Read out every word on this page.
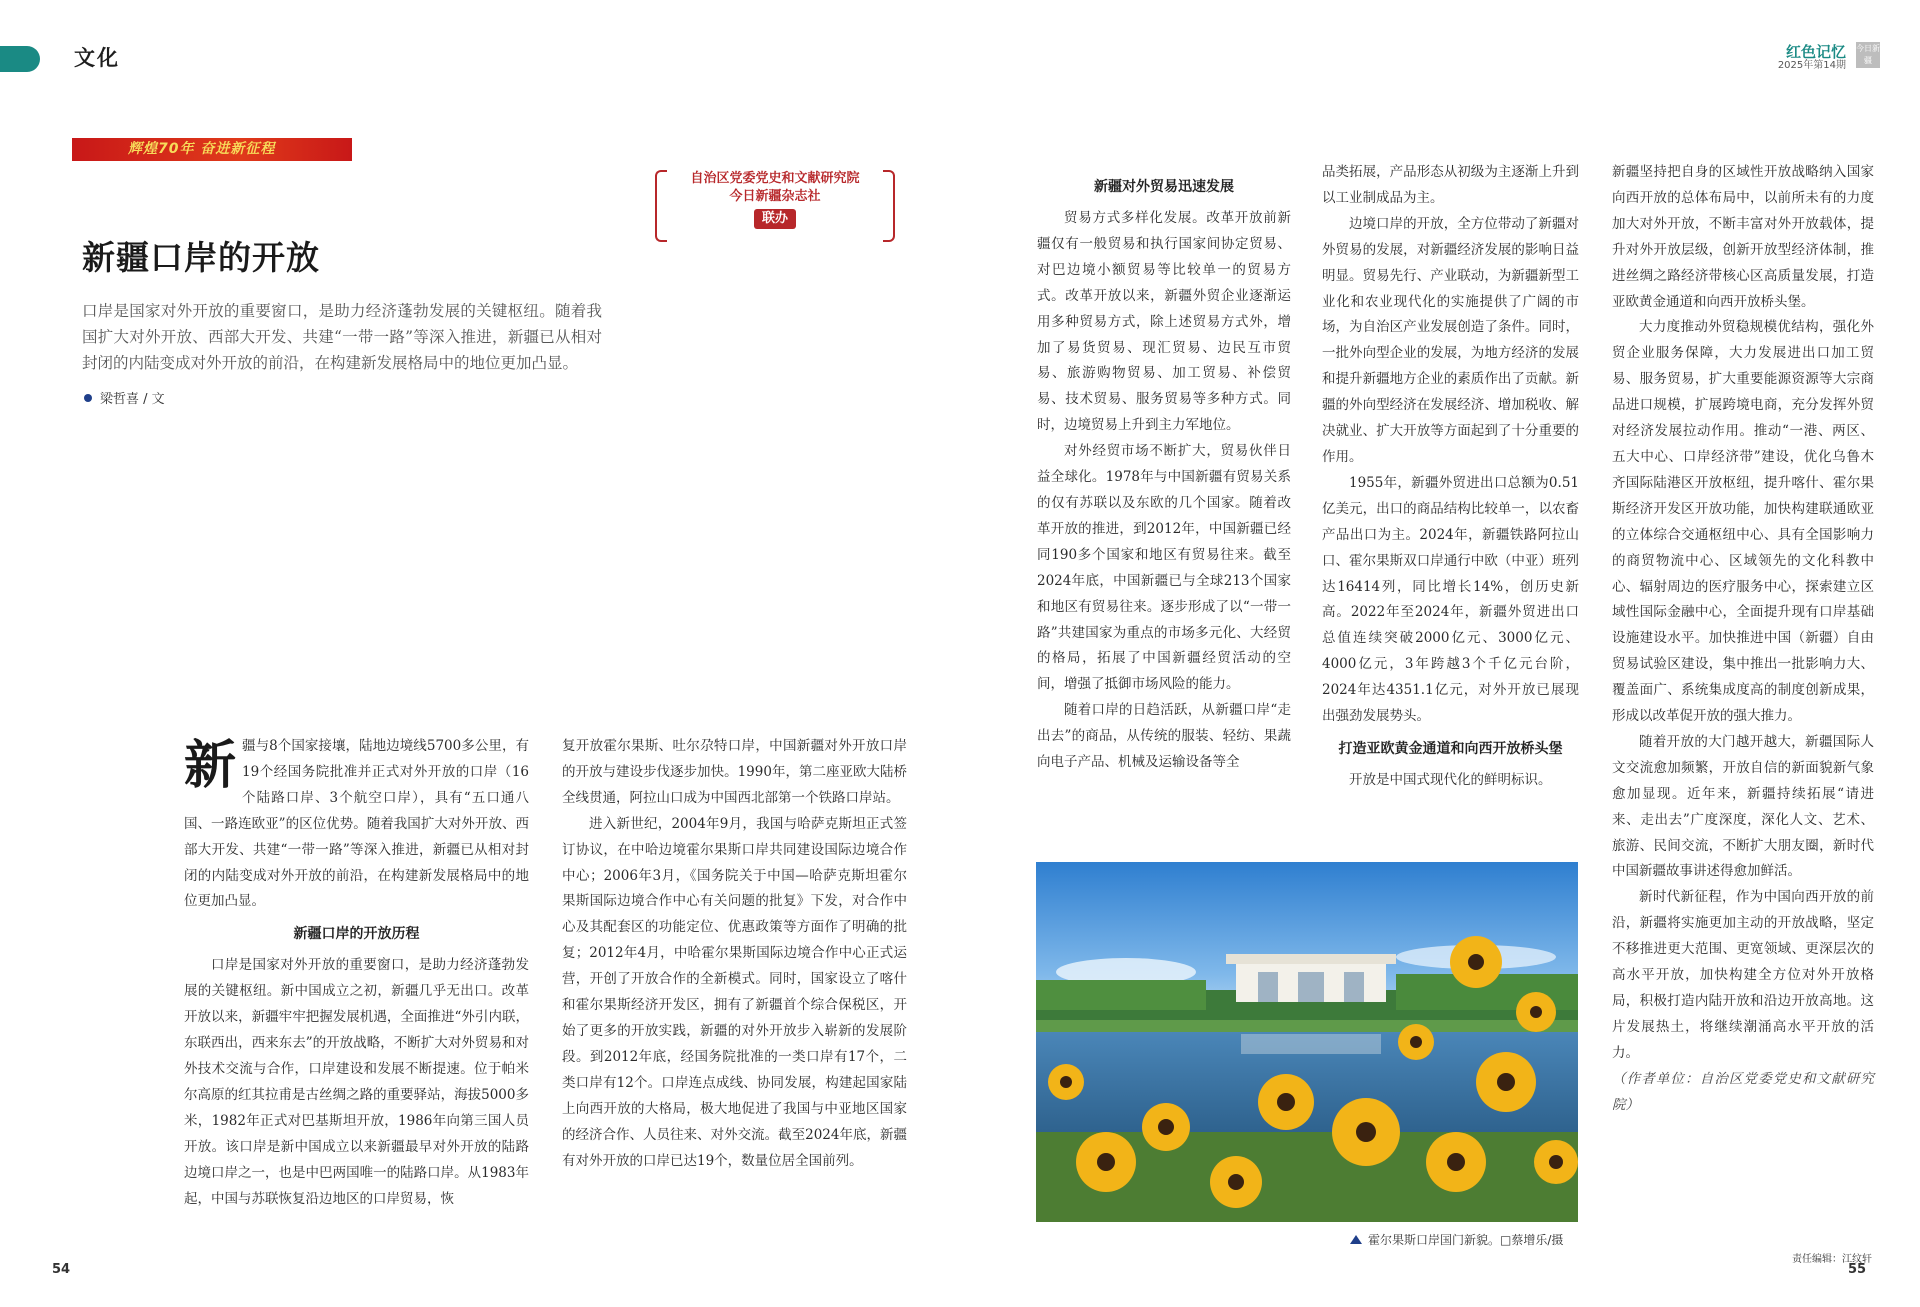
文化	红色记忆
2025年第14期
今日新疆
辉煌70年 奋进新征程
自治区党委党史和文献研究院
今日新疆杂志社
联办
新疆口岸的开放
口岸是国家对外开放的重要窗口，是助力经济蓬勃发展的关键枢纽。随着我国扩大对外开放、西部大开发、共建“一带一路”等深入推进，新疆已从相对封闭的内陆变成对外开放的前沿，在构建新发展格局中的地位更加凸显。
梁哲喜 / 文

新疆与8个国家接壤，陆地边境线5700多公里，有19个经国务院批准并正式对外开放的口岸（16个陆路口岸、3个航空口岸），具有“五口通八国、一路连欧亚”的区位优势。随着我国扩大对外开放、西部大开发、共建“一带一路”等深入推进，新疆已从相对封闭的内陆变成对外开放的前沿，在构建新发展格局中的地位更加凸显。

新疆口岸的开放历程

口岸是国家对外开放的重要窗口，是助力经济蓬勃发展的关键枢纽。新中国成立之初，新疆几乎无出口。改革开放以来，新疆牢牢把握发展机遇，全面推进“外引内联，东联西出，西来东去”的开放战略，不断扩大对外贸易和对外技术交流与合作，口岸建设和发展不断提速。位于帕米尔高原的红其拉甫是古丝绸之路的重要驿站，海拔5000多米，1982年正式对巴基斯坦开放，1986年向第三国人员开放。该口岸是新中国成立以来新疆最早对外开放的陆路边境口岸之一，也是中巴两国唯一的陆路口岸。从1983年起，中国与苏联恢复沿边地区的口岸贸易，恢

复开放霍尔果斯、吐尔尕特口岸，中国新疆对外开放口岸的开放与建设步伐逐步加快。1990年，第二座亚欧大陆桥全线贯通，阿拉山口成为中国西北部第一个铁路口岸站。

进入新世纪，2004年9月，我国与哈萨克斯坦正式签订协议，在中哈边境霍尔果斯口岸共同建设国际边境合作中心；2006年3月，《国务院关于中国—哈萨克斯坦霍尔果斯国际边境合作中心有关问题的批复》下发，对合作中心及其配套区的功能定位、优惠政策等方面作了明确的批复；2012年4月，中哈霍尔果斯国际边境合作中心正式运营，开创了开放合作的全新模式。同时，国家设立了喀什和霍尔果斯经济开发区，拥有了新疆首个综合保税区，开始了更多的开放实践，新疆的对外开放步入崭新的发展阶段。到2012年底，经国务院批准的一类口岸有17个，二类口岸有12个。口岸连点成线、协同发展，构建起国家陆上向西开放的大格局，极大地促进了我国与中亚地区国家的经济合作、人员往来、对外交流。截至2024年底，新疆有对外开放的口岸已达19个，数量位居全国前列。

新疆对外贸易迅速发展

贸易方式多样化发展。改革开放前新疆仅有一般贸易和执行国家间协定贸易、对巴边境小额贸易等比较单一的贸易方式。改革开放以来，新疆外贸企业逐渐运用多种贸易方式，除上述贸易方式外，增加了易货贸易、现汇贸易、边民互市贸易、旅游购物贸易、加工贸易、补偿贸易、技术贸易、服务贸易等多种方式。同时，边境贸易上升到主力军地位。

对外经贸市场不断扩大，贸易伙伴日益全球化。1978年与中国新疆有贸易关系的仅有苏联以及东欧的几个国家。随着改革开放的推进，到2012年，中国新疆已经同190多个国家和地区有贸易往来。截至2024年底，中国新疆已与全球213个国家和地区有贸易往来。逐步形成了以“一带一路”共建国家为重点的市场多元化、大经贸的格局，拓展了中国新疆经贸活动的空间，增强了抵御市场风险的能力。

随着口岸的日趋活跃，从新疆口岸“走出去”的商品，从传统的服装、轻纺、果蔬向电子产品、机械及运输设备等全

品类拓展，产品形态从初级为主逐渐上升到以工业制成品为主。

边境口岸的开放，全方位带动了新疆对外贸易的发展，对新疆经济发展的影响日益明显。贸易先行、产业联动，为新疆新型工业化和农业现代化的实施提供了广阔的市场，为自治区产业发展创造了条件。同时，一批外向型企业的发展，为地方经济的发展和提升新疆地方企业的素质作出了贡献。新疆的外向型经济在发展经济、增加税收、解决就业、扩大开放等方面起到了十分重要的作用。

1955年，新疆外贸进出口总额为0.51亿美元，出口的商品结构比较单一，以农畜产品出口为主。2024年，新疆铁路阿拉山口、霍尔果斯双口岸通行中欧（中亚）班列达16414列，同比增长14%，创历史新高。2022年至2024年，新疆外贸进出口总值连续突破2000亿元、3000亿元、4000亿元，3年跨越3个千亿元台阶，2024年达4351.1亿元，对外开放已展现出强劲发展势头。

打造亚欧黄金通道和向西开放桥头堡

开放是中国式现代化的鲜明标识。

新疆坚持把自身的区域性开放战略纳入国家向西开放的总体布局中，以前所未有的力度加大对外开放，不断丰富对外开放载体，提升对外开放层级，创新开放型经济体制，推进丝绸之路经济带核心区高质量发展，打造亚欧黄金通道和向西开放桥头堡。

大力度推动外贸稳规模优结构，强化外贸企业服务保障，大力发展进出口加工贸易、服务贸易，扩大重要能源资源等大宗商品进口规模，扩展跨境电商，充分发挥外贸对经济发展拉动作用。推动“一港、两区、五大中心、口岸经济带”建设，优化乌鲁木齐国际陆港区开放枢纽，提升喀什、霍尔果斯经济开发区开放功能，加快构建联通欧亚的立体综合交通枢纽中心、具有全国影响力的商贸物流中心、区域领先的文化科教中心、辐射周边的医疗服务中心，探索建立区域性国际金融中心，全面提升现有口岸基础设施建设水平。加快推进中国（新疆）自由贸易试验区建设，集中推出一批影响力大、覆盖面广、系统集成度高的制度创新成果，形成以改革促开放的强大推力。

随着开放的大门越开越大，新疆国际人文交流愈加频繁，开放自信的新面貌新气象愈加显现。近年来，新疆持续拓展“请进来、走出去”广度深度，深化人文、艺术、旅游、民间交流，不断扩大朋友圈，新时代中国新疆故事讲述得愈加鲜活。

新时代新征程，作为中国向西开放的前沿，新疆将实施更加主动的开放战略，坚定不移推进更大范围、更宽领域、更深层次的高水平开放，加快构建全方位对外开放格局，积极打造内陆开放和沿边开放高地。这片发展热土，将继续潮涌高水平开放的活力。

（作者单位：自治区党委党史和文献研究院）

霍尔果斯口岸国门新貌。□蔡增乐/摄
54	55
责任编辑：江纹轩
